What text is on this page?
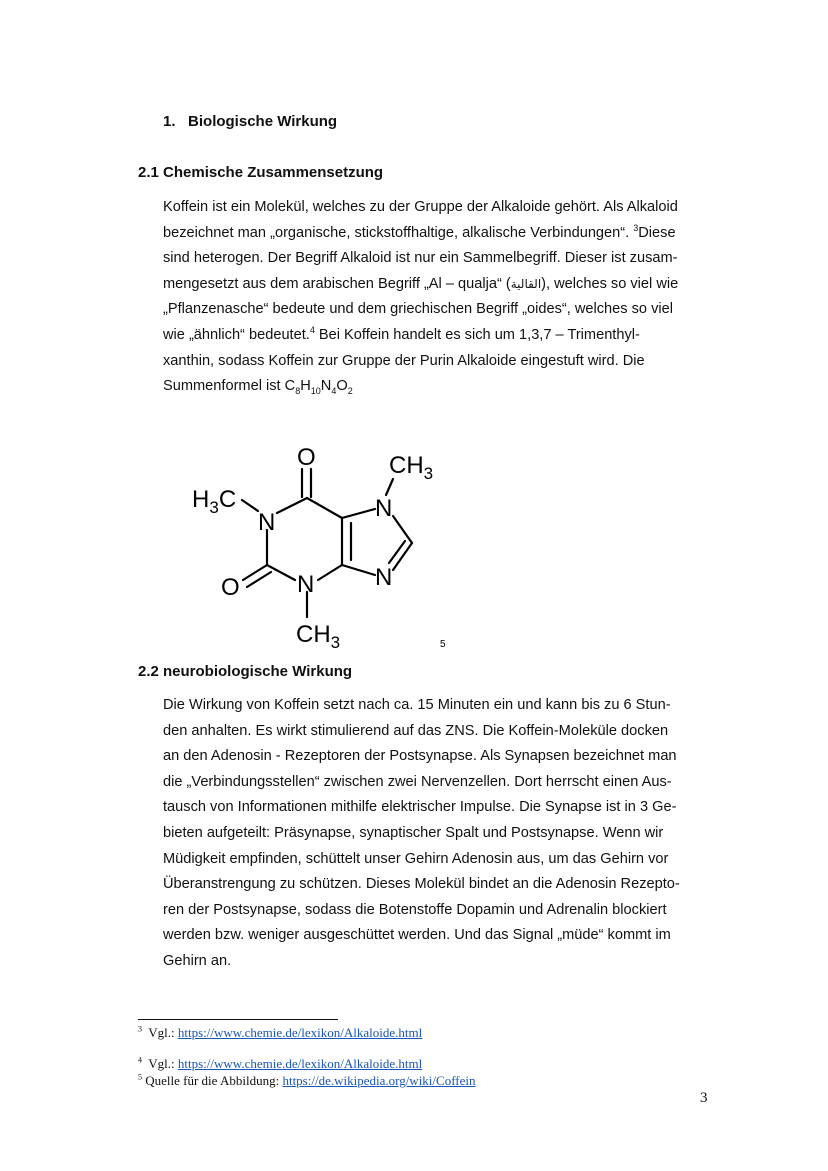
1. Biologische Wirkung
2.1 Chemische Zusammensetzung
Koffein ist ein Molekül, welches zu der Gruppe der Alkaloide gehört. Als Alkaloid
bezeichnet man „organische, stickstoffhaltige, alkalische Verbindungen“. $^3$Diese
sind heterogen. Der Begriff Alkaloid ist nur ein Sammelbegriff. Dieser ist zusam-
mengesetzt aus dem arabischen Begriff „Al – qualja“ (القالية), welches so viel wie
„Pflanzenasche“ bedeute und dem griechischen Begriff „oides“, welches so viel
wie „ähnlich“ bedeutet.$^4$ Bei Koffein handelt es sich um 1,3,7 – Trimenthyl-
xanthin, sodass Koffein zur Gruppe der Purin Alkaloide eingestuft wird. Die
Summenformel ist $C_8H_{10}N_4O_2$
O
O
N
N
N
N
$H_3C$
$CH_3$
$CH_3$	5
2.2 neurobiologische Wirkung
Die Wirkung von Koffein setzt nach ca. 15 Minuten ein und kann bis zu 6 Stun-
den anhalten. Es wirkt stimulierend auf das ZNS. Die Koffein-Moleküle docken
an den Adenosin - Rezeptoren der Postsynapse. Als Synapsen bezeichnet man
die „Verbindungsstellen“ zwischen zwei Nervenzellen. Dort herrscht einen Aus-
tausch von Informationen mithilfe elektrischer Impulse. Die Synapse ist in 3 Ge-
bieten aufgeteilt: Präsynapse, synaptischer Spalt und Postsynapse. Wenn wir
Müdigkeit empfinden, schüttelt unser Gehirn Adenosin aus, um das Gehirn vor
Überanstrengung zu schützen. Dieses Molekül bindet an die Adenosin Rezepto-
ren der Postsynapse, sodass die Botenstoffe Dopamin und Adrenalin blockiert
werden bzw. weniger ausgeschüttet werden. Und das Signal „müde“ kommt im
Gehirn an.
$^3$ Vgl.: https://www.chemie.de/lexikon/Alkaloide.html
$^4$ Vgl.: https://www.chemie.de/lexikon/Alkaloide.html
$^5$ Quelle für die Abbildung: https://de.wikipedia.org/wiki/Coffein
3
